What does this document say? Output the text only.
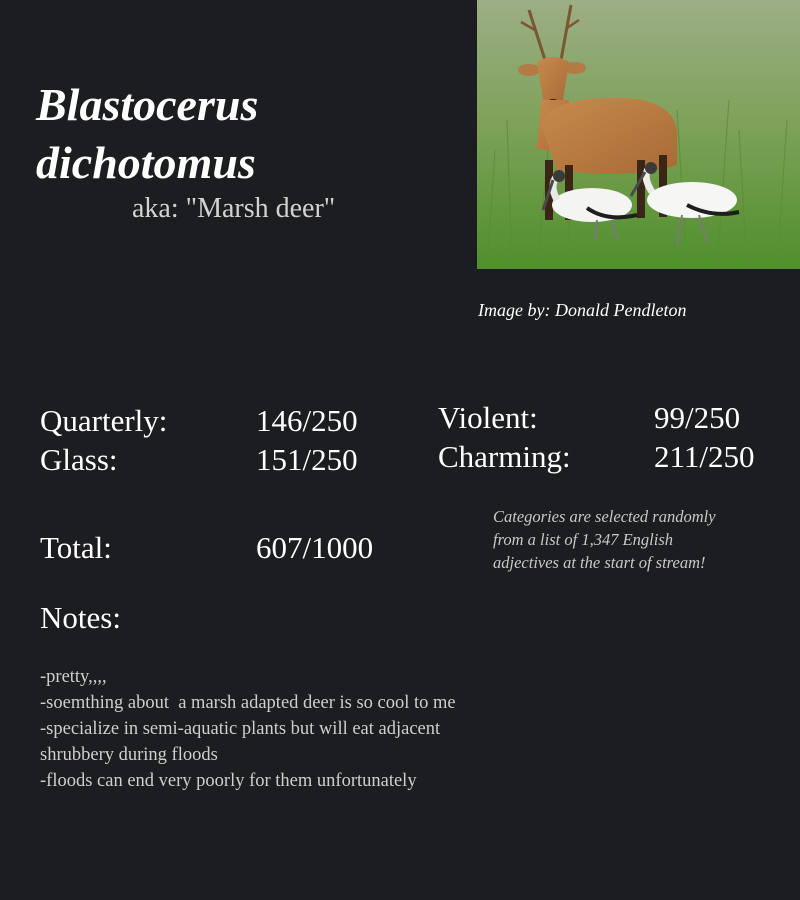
Blastocerus
dichotomus
aka: "Marsh deer"
Image by: Donald Pendleton
Quarterly:	146/250
Glass:	151/250
Violent:	99/250
Charming:	211/250
Total:	607/1000
Categories are selected randomly from a list of 1,347 English adjectives at the start of stream!
Notes:
-pretty,,,,
-soemthing about  a marsh adapted deer is so cool to me
-specialize in semi-aquatic plants but will eat adjacent shrubbery during floods
-floods can end very poorly for them unfortunately
